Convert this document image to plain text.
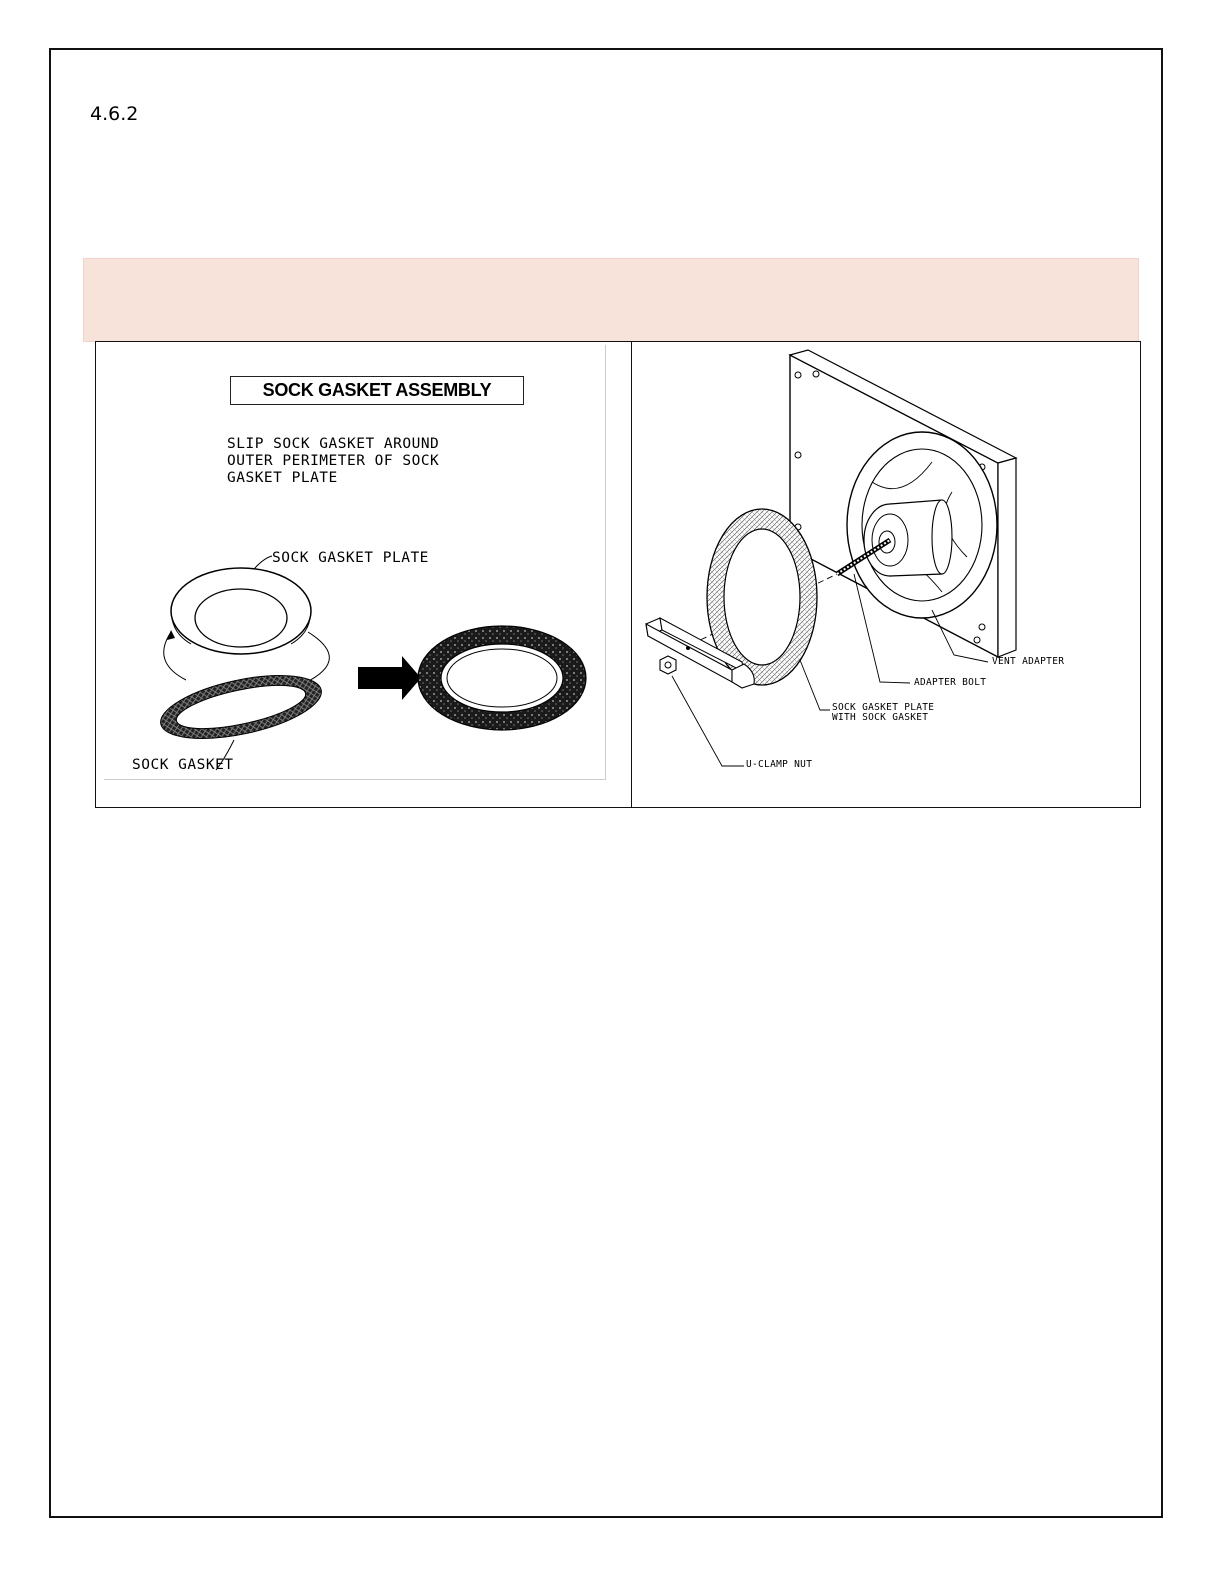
4.6.2
SOCK GASKET ASSEMBLY
SLIP SOCK GASKET AROUND
OUTER PERIMETER OF SOCK
GASKET PLATE
SOCK GASKET PLATE
SOCK GASKET
VENT ADAPTER
ADAPTER BOLT
SOCK GASKET PLATE
WITH SOCK GASKET
U-CLAMP NUT
